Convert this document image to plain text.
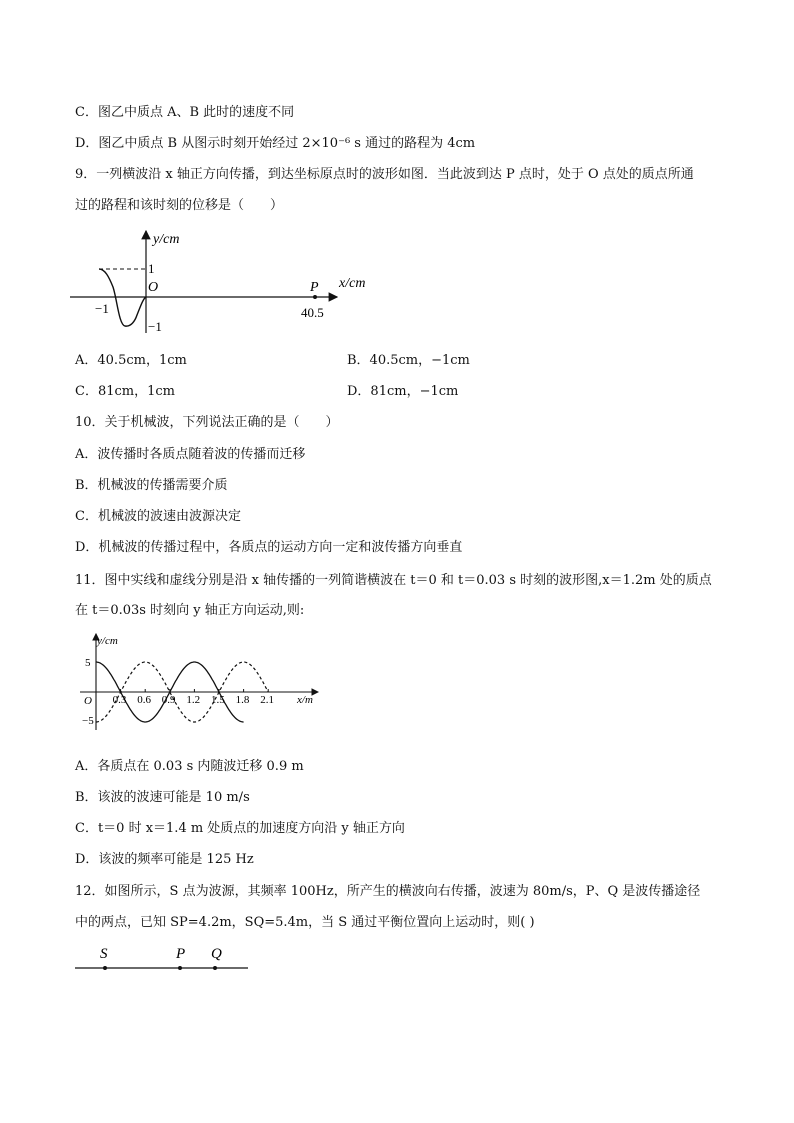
C．图乙中质点 A、B 此时的速度不同
D．图乙中质点 B 从图示时刻开始经过 2×10⁻⁶ s 通过的路程为 4cm
9．一列横波沿 x 轴正方向传播，到达坐标原点时的波形如图．当此波到达 P 点时，处于 O 点处的质点所通
过的路程和该时刻的位移是（　　）
y/cm
x/cm
O
1
−1
−1
P
40.5
A．40.5cm，1cm	B．40.5cm，−1cm
C．81cm，1cm	D．81cm，−1cm
10．关于机械波，下列说法正确的是（　　）
A．波传播时各质点随着波的传播而迁移
B．机械波的传播需要介质
C．机械波的波速由波源决定
D．机械波的传播过程中，各质点的运动方向一定和波传播方向垂直
11．图中实线和虚线分别是沿 x 轴传播的一列简谐横波在 t＝0 和 t＝0.03 s 时刻的波形图,x＝1.2m 处的质点
在 t＝0.03s 时刻向 y 轴正方向运动,则:
y/cm
x/m
O
5
−5
0.3 0.6 0.9 1.2 1.5 1.8 2.1
A．各质点在 0.03 s 内随波迁移 0.9 m
B．该波的波速可能是 10 m/s
C．t＝0 时 x＝1.4 m 处质点的加速度方向沿 y 轴正方向
D．该波的频率可能是 125 Hz
12．如图所示，S 点为波源，其频率 100Hz，所产生的横波向右传播，波速为 80m/s，P、Q 是波传播途径
中的两点，已知 SP=4.2m，SQ=5.4m，当 S 通过平衡位置向上运动时，则( )
S	P Q
